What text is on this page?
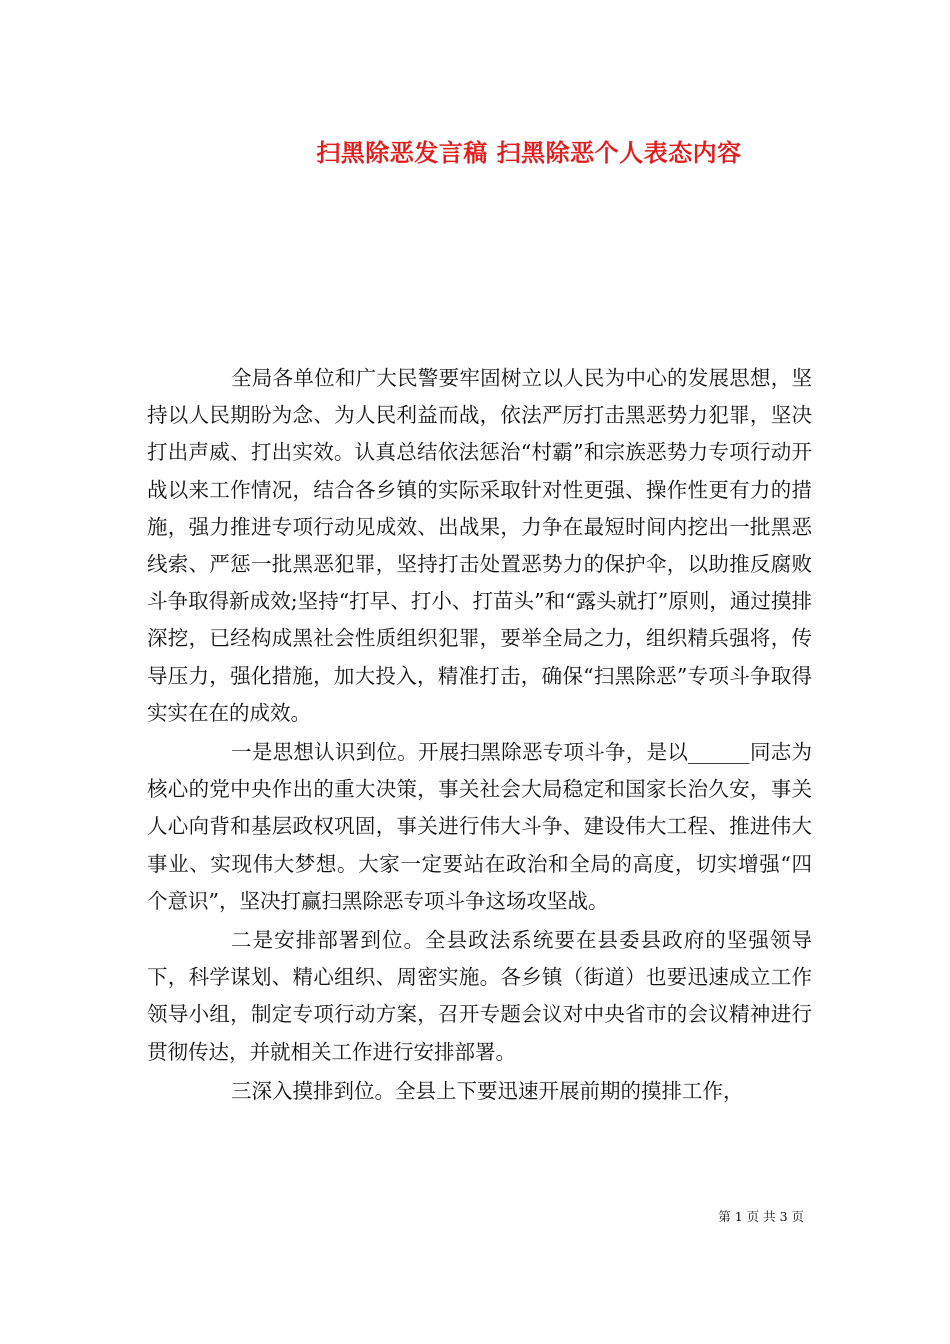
扫黑除恶发言稿 扫黑除恶个人表态内容

全局各单位和广大民警要牢固树立以人民为中心的发展思想，坚持以人民期盼为念、为人民利益而战，依法严厉打击黑恶势力犯罪，坚决打出声威、打出实效。认真总结依法惩治“村霸”和宗族恶势力专项行动开战以来工作情况，结合各乡镇的实际采取针对性更强、操作性更有力的措施，强力推进专项行动见成效、出战果，力争在最短时间内挖出一批黑恶线索、严惩一批黑恶犯罪，坚持打击处置恶势力的保护伞，以助推反腐败斗争取得新成效;坚持“打早、打小、打苗头”和“露头就打”原则，通过摸排深挖，已经构成黑社会性质组织犯罪，要举全局之力，组织精兵强将，传导压力，强化措施，加大投入，精准打击，确保“扫黑除恶”专项斗争取得实实在在的成效。

一是思想认识到位。开展扫黑除恶专项斗争，是以______同志为核心的党中央作出的重大决策，事关社会大局稳定和国家长治久安，事关人心向背和基层政权巩固，事关进行伟大斗争、建设伟大工程、推进伟大事业、实现伟大梦想。大家一定要站在政治和全局的高度，切实增强“四个意识”，坚决打赢扫黑除恶专项斗争这场攻坚战。

二是安排部署到位。全县政法系统要在县委县政府的坚强领导下，科学谋划、精心组织、周密实施。各乡镇（街道）也要迅速成立工作领导小组，制定专项行动方案，召开专题会议对中央省市的会议精神进行贯彻传达，并就相关工作进行安排部署。

三深入摸排到位。全县上下要迅速开展前期的摸排工作，

第 1 页 共 3 页
